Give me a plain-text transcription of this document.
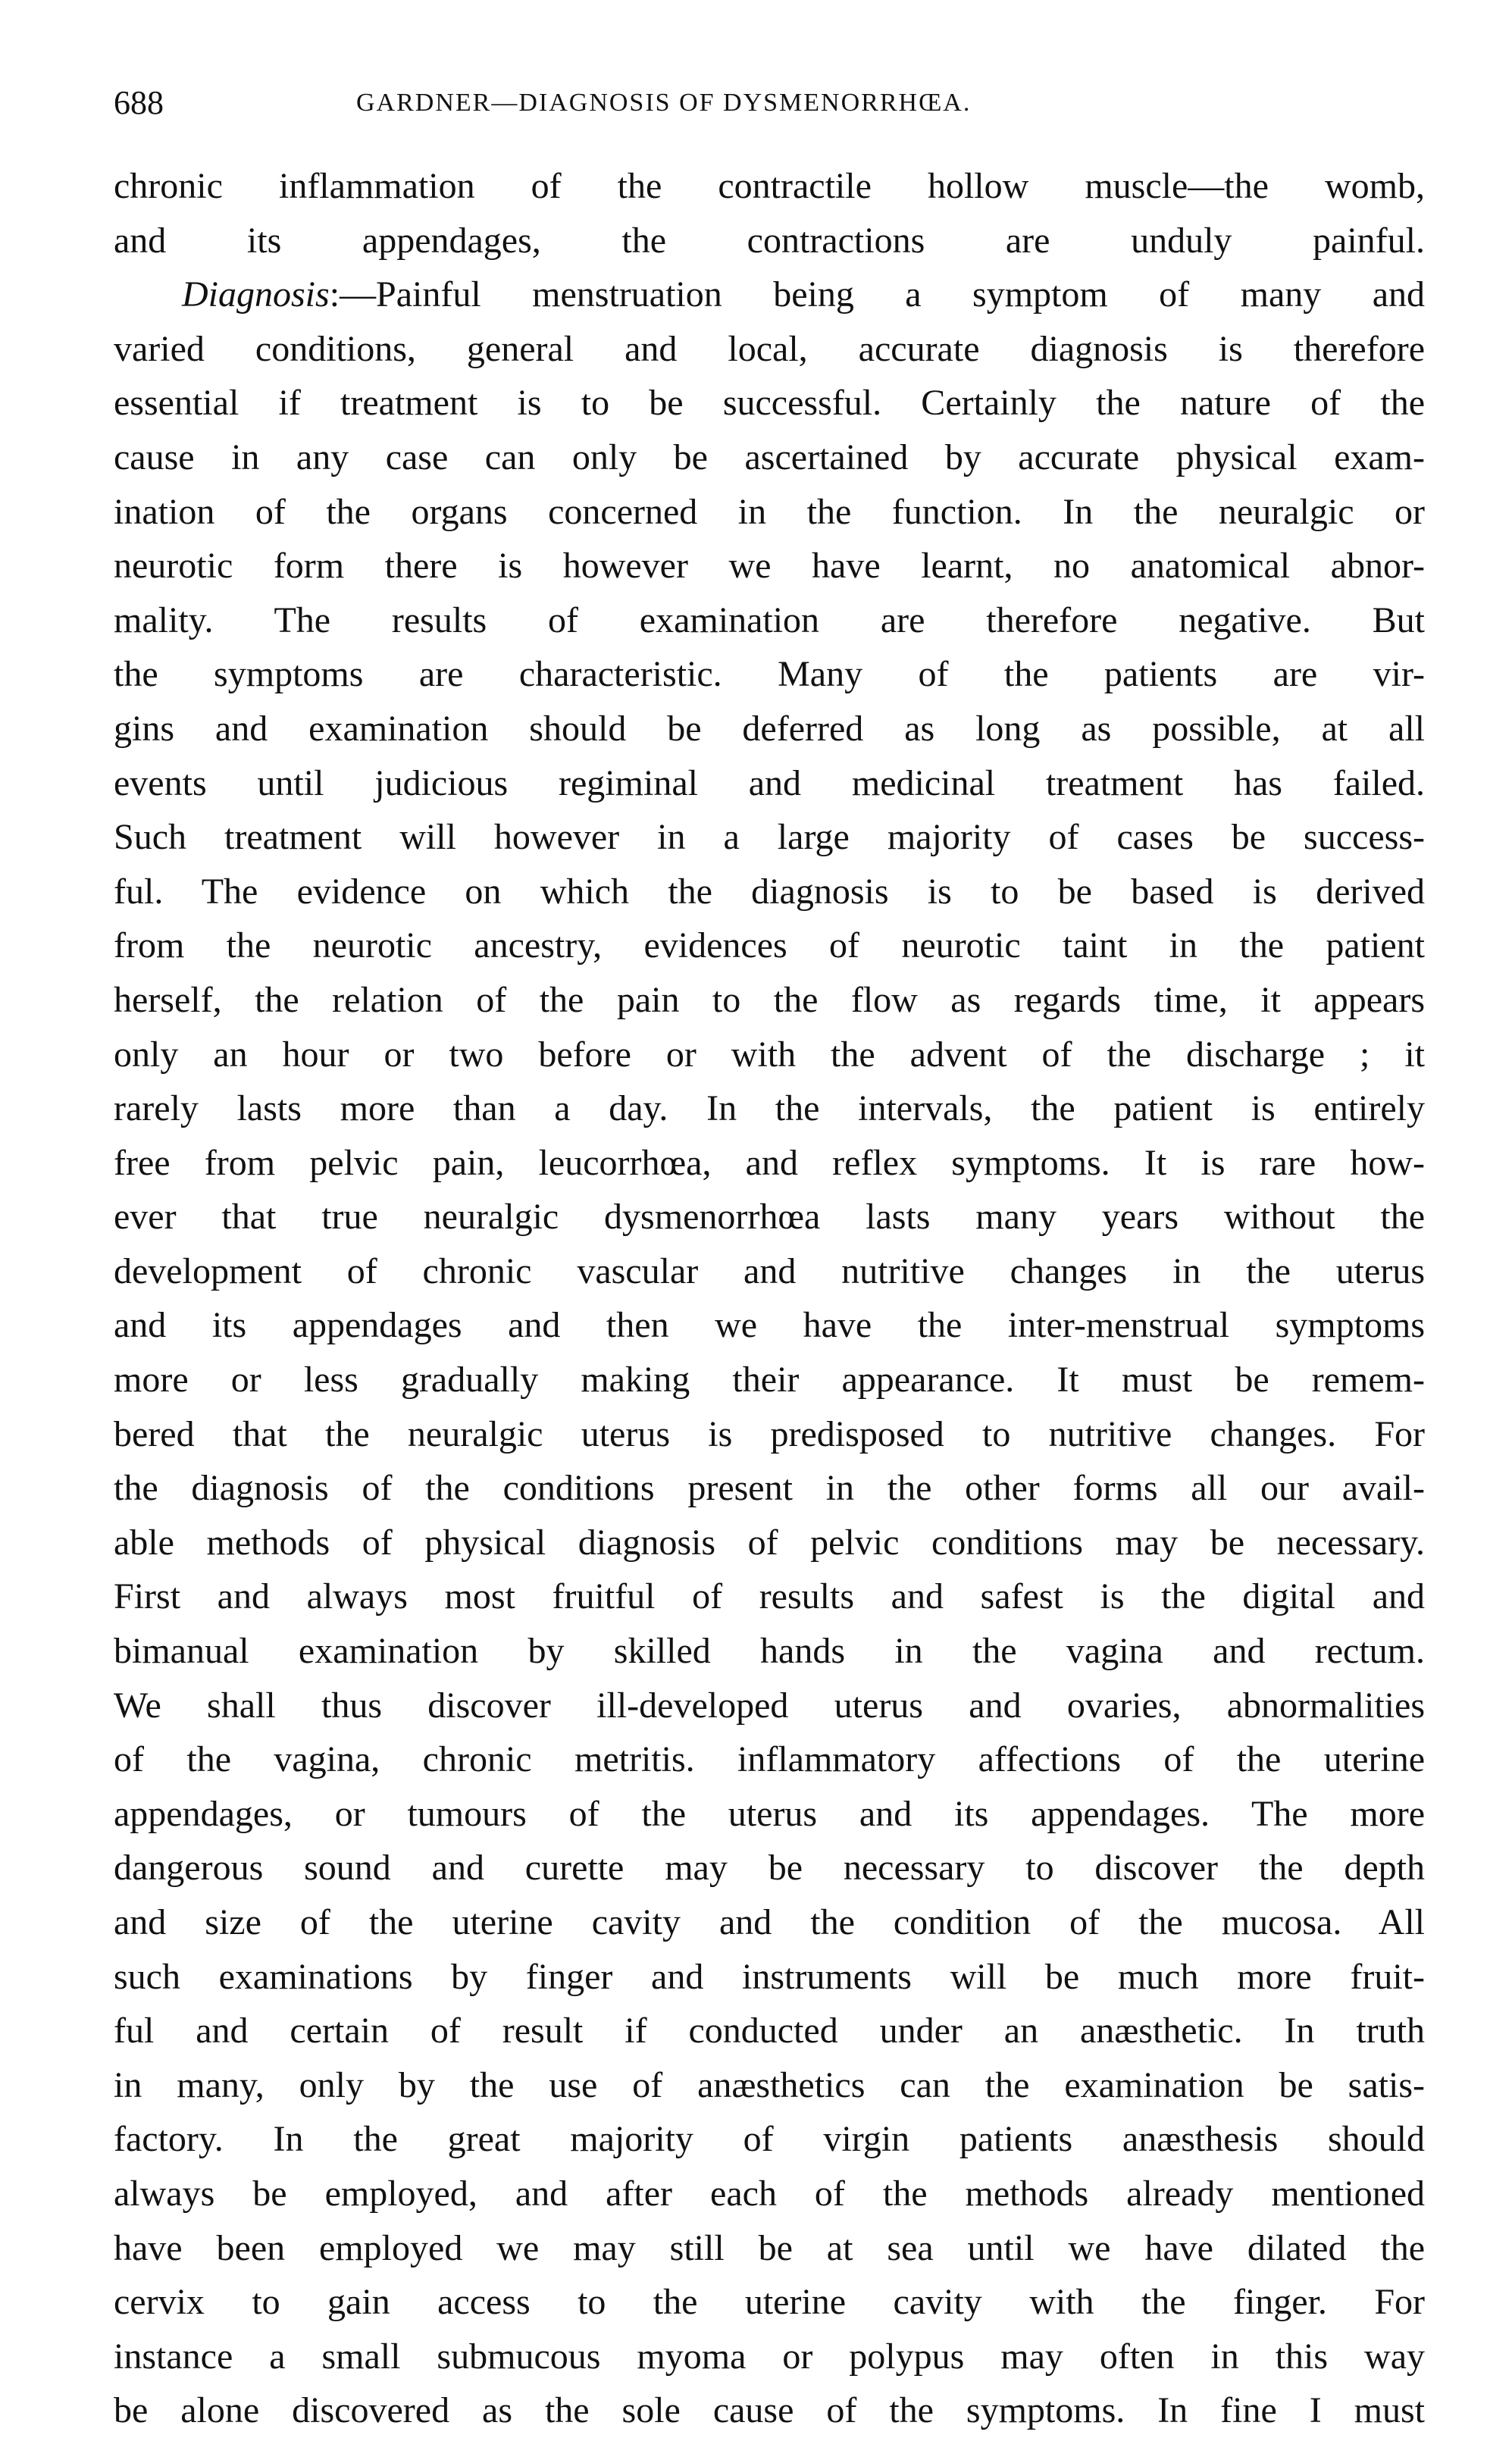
688	GARDNER—DIAGNOSIS OF DYSMENORRHŒA.
chronic inflammation of the contractile hollow muscle—the womb,
and its appendages, the contractions are unduly painful.
Diagnosis:—Painful menstruation being a symptom of many and
varied conditions, general and local, accurate diagnosis is therefore
essential if treatment is to be successful. Certainly the nature of the
cause in any case can only be ascertained by accurate physical exam-
ination of the organs concerned in the function. In the neuralgic or
neurotic form there is however we have learnt, no anatomical abnor-
mality. The results of examination are therefore negative. But
the symptoms are characteristic. Many of the patients are vir-
gins and examination should be deferred as long as possible, at all
events until judicious regiminal and medicinal treatment has failed.
Such treatment will however in a large majority of cases be success-
ful. The evidence on which the diagnosis is to be based is derived
from the neurotic ancestry, evidences of neurotic taint in the patient
herself, the relation of the pain to the flow as regards time, it appears
only an hour or two before or with the advent of the discharge ; it
rarely lasts more than a day. In the intervals, the patient is entirely
free from pelvic pain, leucorrhœa, and reflex symptoms. It is rare how-
ever that true neuralgic dysmenorrhœa lasts many years without the
development of chronic vascular and nutritive changes in the uterus
and its appendages and then we have the inter-menstrual symptoms
more or less gradually making their appearance. It must be remem-
bered that the neuralgic uterus is predisposed to nutritive changes. For
the diagnosis of the conditions present in the other forms all our avail-
able methods of physical diagnosis of pelvic conditions may be necessary.
First and always most fruitful of results and safest is the digital and
bimanual examination by skilled hands in the vagina and rectum.
We shall thus discover ill-developed uterus and ovaries, abnormalities
of the vagina, chronic metritis. inflammatory affections of the uterine
appendages, or tumours of the uterus and its appendages. The more
dangerous sound and curette may be necessary to discover the depth
and size of the uterine cavity and the condition of the mucosa. All
such examinations by finger and instruments will be much more fruit-
ful and certain of result if conducted under an anæsthetic. In truth
in many, only by the use of anæsthetics can the examination be satis-
factory. In the great majority of virgin patients anæsthesis should
always be employed, and after each of the methods already mentioned
have been employed we may still be at sea until we have dilated the
cervix to gain access to the uterine cavity with the finger. For
instance a small submucous myoma or polypus may often in this way
be alone discovered as the sole cause of the symptoms. In fine I must
